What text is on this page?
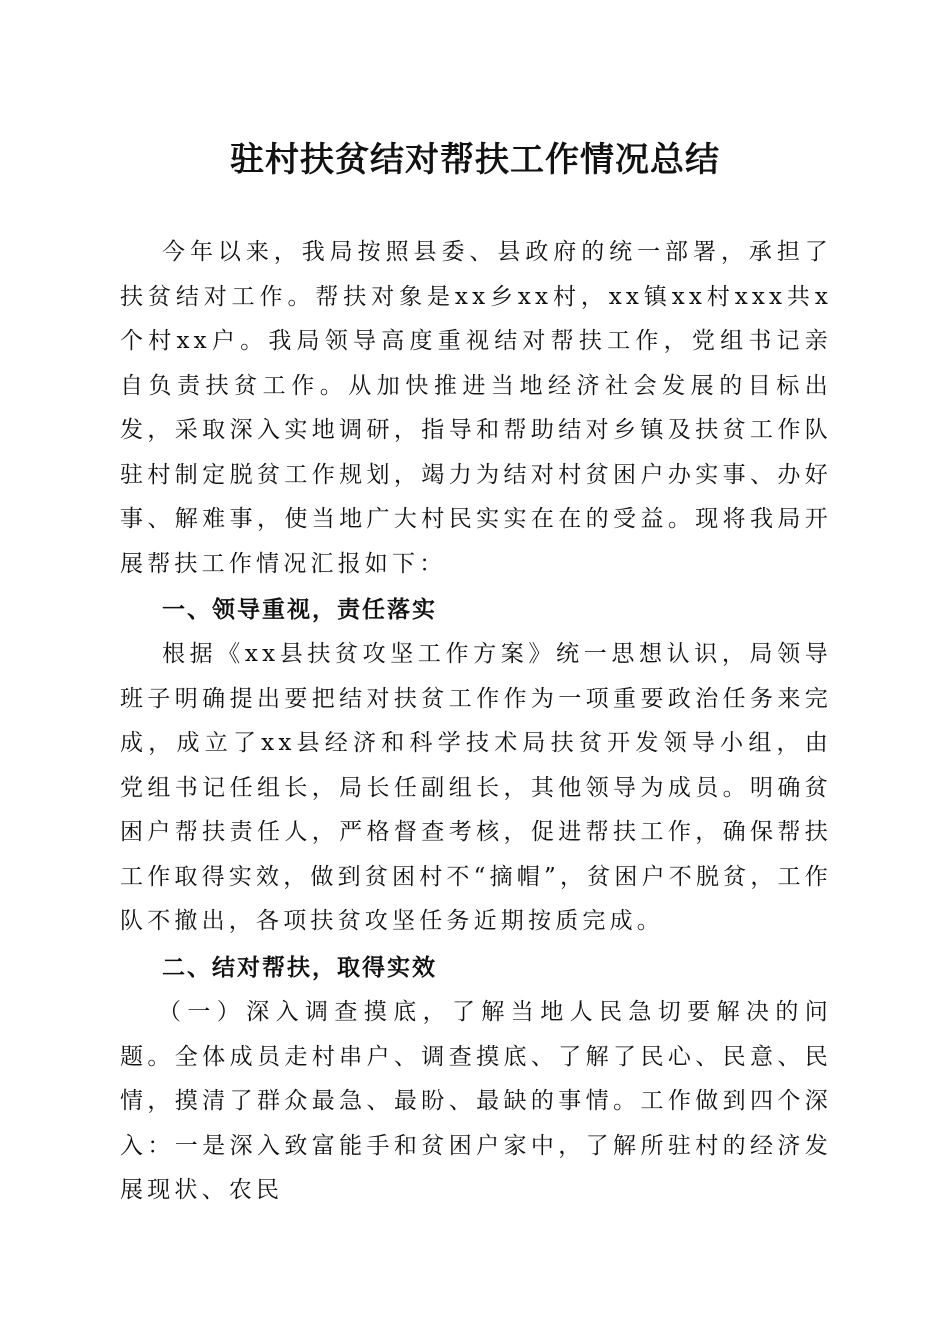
驻村扶贫结对帮扶工作情况总结

今年以来，我局按照县委、县政府的统一部署，承担了扶贫结对工作。帮扶对象是xx乡xx村，xx镇xx村xxx共x个村xx户。我局领导高度重视结对帮扶工作，党组书记亲自负责扶贫工作。从加快推进当地经济社会发展的目标出发，采取深入实地调研，指导和帮助结对乡镇及扶贫工作队驻村制定脱贫工作规划，竭力为结对村贫困户办实事、办好事、解难事，使当地广大村民实实在在的受益。现将我局开展帮扶工作情况汇报如下：

一、领导重视，责任落实

根据《xx县扶贫攻坚工作方案》统一思想认识，局领导班子明确提出要把结对扶贫工作作为一项重要政治任务来完成，成立了xx县经济和科学技术局扶贫开发领导小组，由党组书记任组长，局长任副组长，其他领导为成员。明确贫困户帮扶责任人，严格督查考核，促进帮扶工作，确保帮扶工作取得实效，做到贫困村不“摘帽”，贫困户不脱贫，工作队不撤出，各项扶贫攻坚任务近期按质完成。

二、结对帮扶，取得实效

（一）深入调查摸底，了解当地人民急切要解决的问题。全体成员走村串户、调查摸底、了解了民心、民意、民情，摸清了群众最急、最盼、最缺的事情。工作做到四个深入：一是深入致富能手和贫困户家中，了解所驻村的经济发展现状、农民
